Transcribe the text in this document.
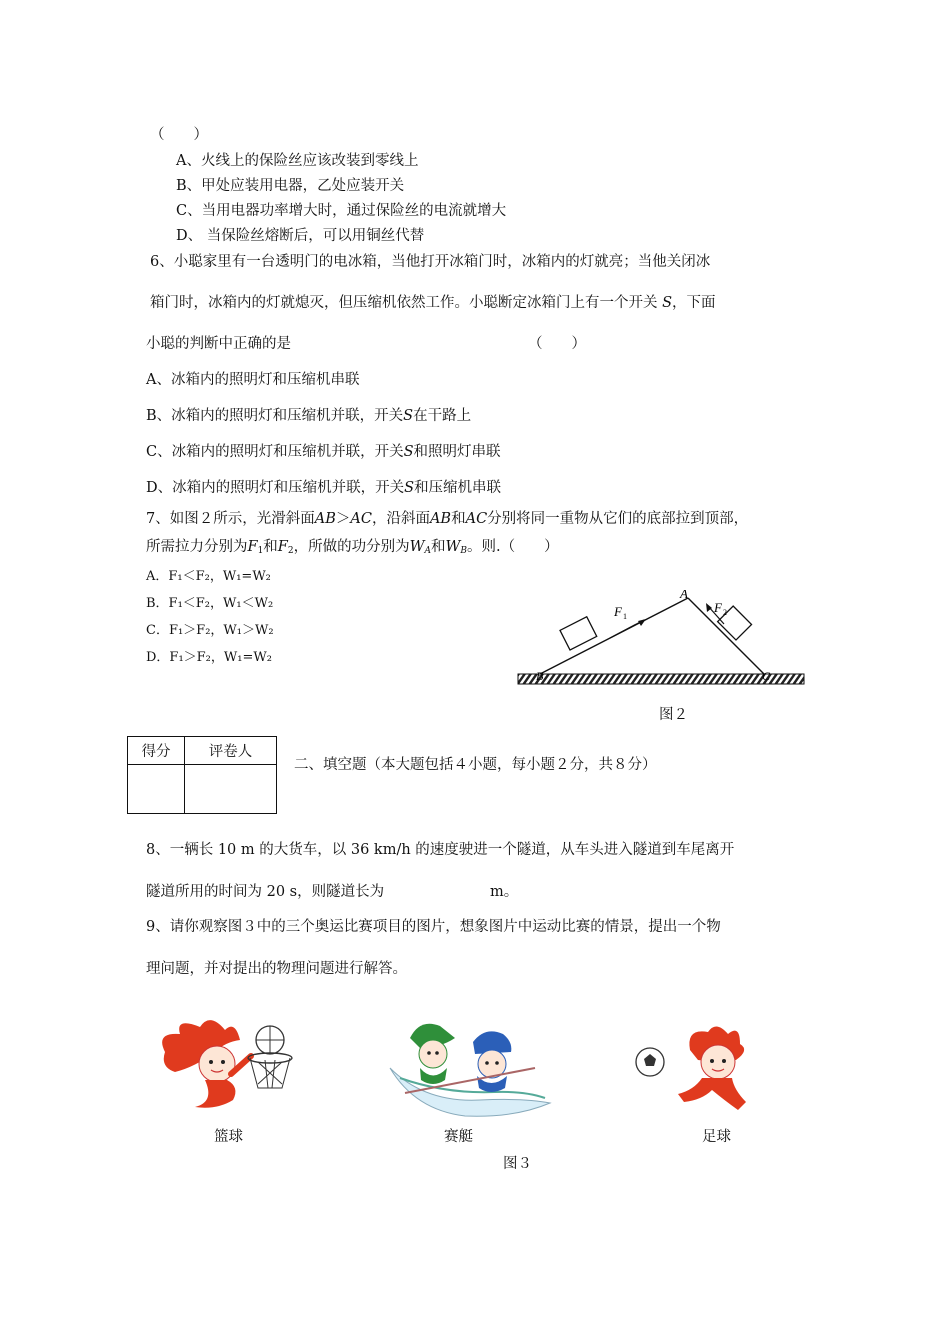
（　　）
A、火线上的保险丝应该改装到零线上
B、甲处应装用电器，乙处应装开关
C、当用电器功率增大时，通过保险丝的电流就增大
D、 当保险丝熔断后，可以用铜丝代替
6、小聪家里有一台透明门的电冰箱，当他打开冰箱门时，冰箱内的灯就亮；当他关闭冰
箱门时，冰箱内的灯就熄灭，但压缩机依然工作。小聪断定冰箱门上有一个开关 S，下面
小聪的判断中正确的是	（　　）
A、冰箱内的照明灯和压缩机串联
B、冰箱内的照明灯和压缩机并联，开关S在干路上
C、冰箱内的照明灯和压缩机并联，开关S和照明灯串联
D、冰箱内的照明灯和压缩机并联，开关S和压缩机串联
7、如图２所示，光滑斜面AB＞AC，沿斜面AB和AC分别将同一重物从它们的底部拉到顶部，
所需拉力分别为$F_1$和$F_2$，所做的功分别为$W_A$和$W_B$。则.（　　）
A．F₁＜F₂，W₁=W₂
B．F₁＜F₂，W₁＜W₂
C．F₁＞F₂，W₁＞W₂
D．F₁＞F₂，W₁=W₂
F 1
F 2
A
B	C
图２
得分	评卷人

二、填空题（本大题包括４小题，每小题２分，共８分）
8、一辆长 10 m 的大货车，以 36 km/h 的速度驶进一个隧道，从车头进入隧道到车尾离开
隧道所用的时间为 20 s，则隧道长为	m。
9、请你观察图３中的三个奥运比赛项目的图片，想象图片中运动比赛的情景，提出一个物
理问题，并对提出的物理问题进行解答。
篮球	赛艇	足球
图３
